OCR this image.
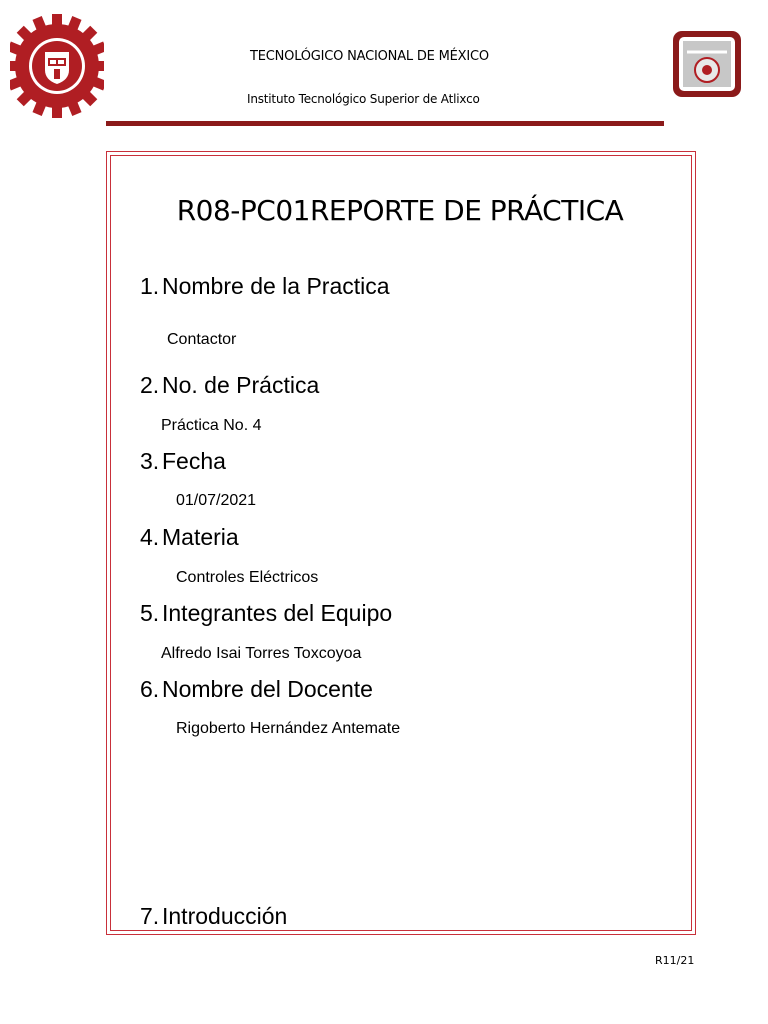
TECNOLÓGICO NACIONAL DE MÉXICO
Instituto Tecnológico Superior de Atlixco
R08-PC01REPORTE DE PRÁCTICA
1. Nombre de la Practica
Contactor
2. No. de Práctica
Práctica No. 4
3. Fecha
01/07/2021
4. Materia
Controles Eléctricos
5. Integrantes del Equipo
Alfredo Isai Torres Toxcoyoa
6. Nombre del Docente
Rigoberto Hernández Antemate
7. Introducción
R11/21
